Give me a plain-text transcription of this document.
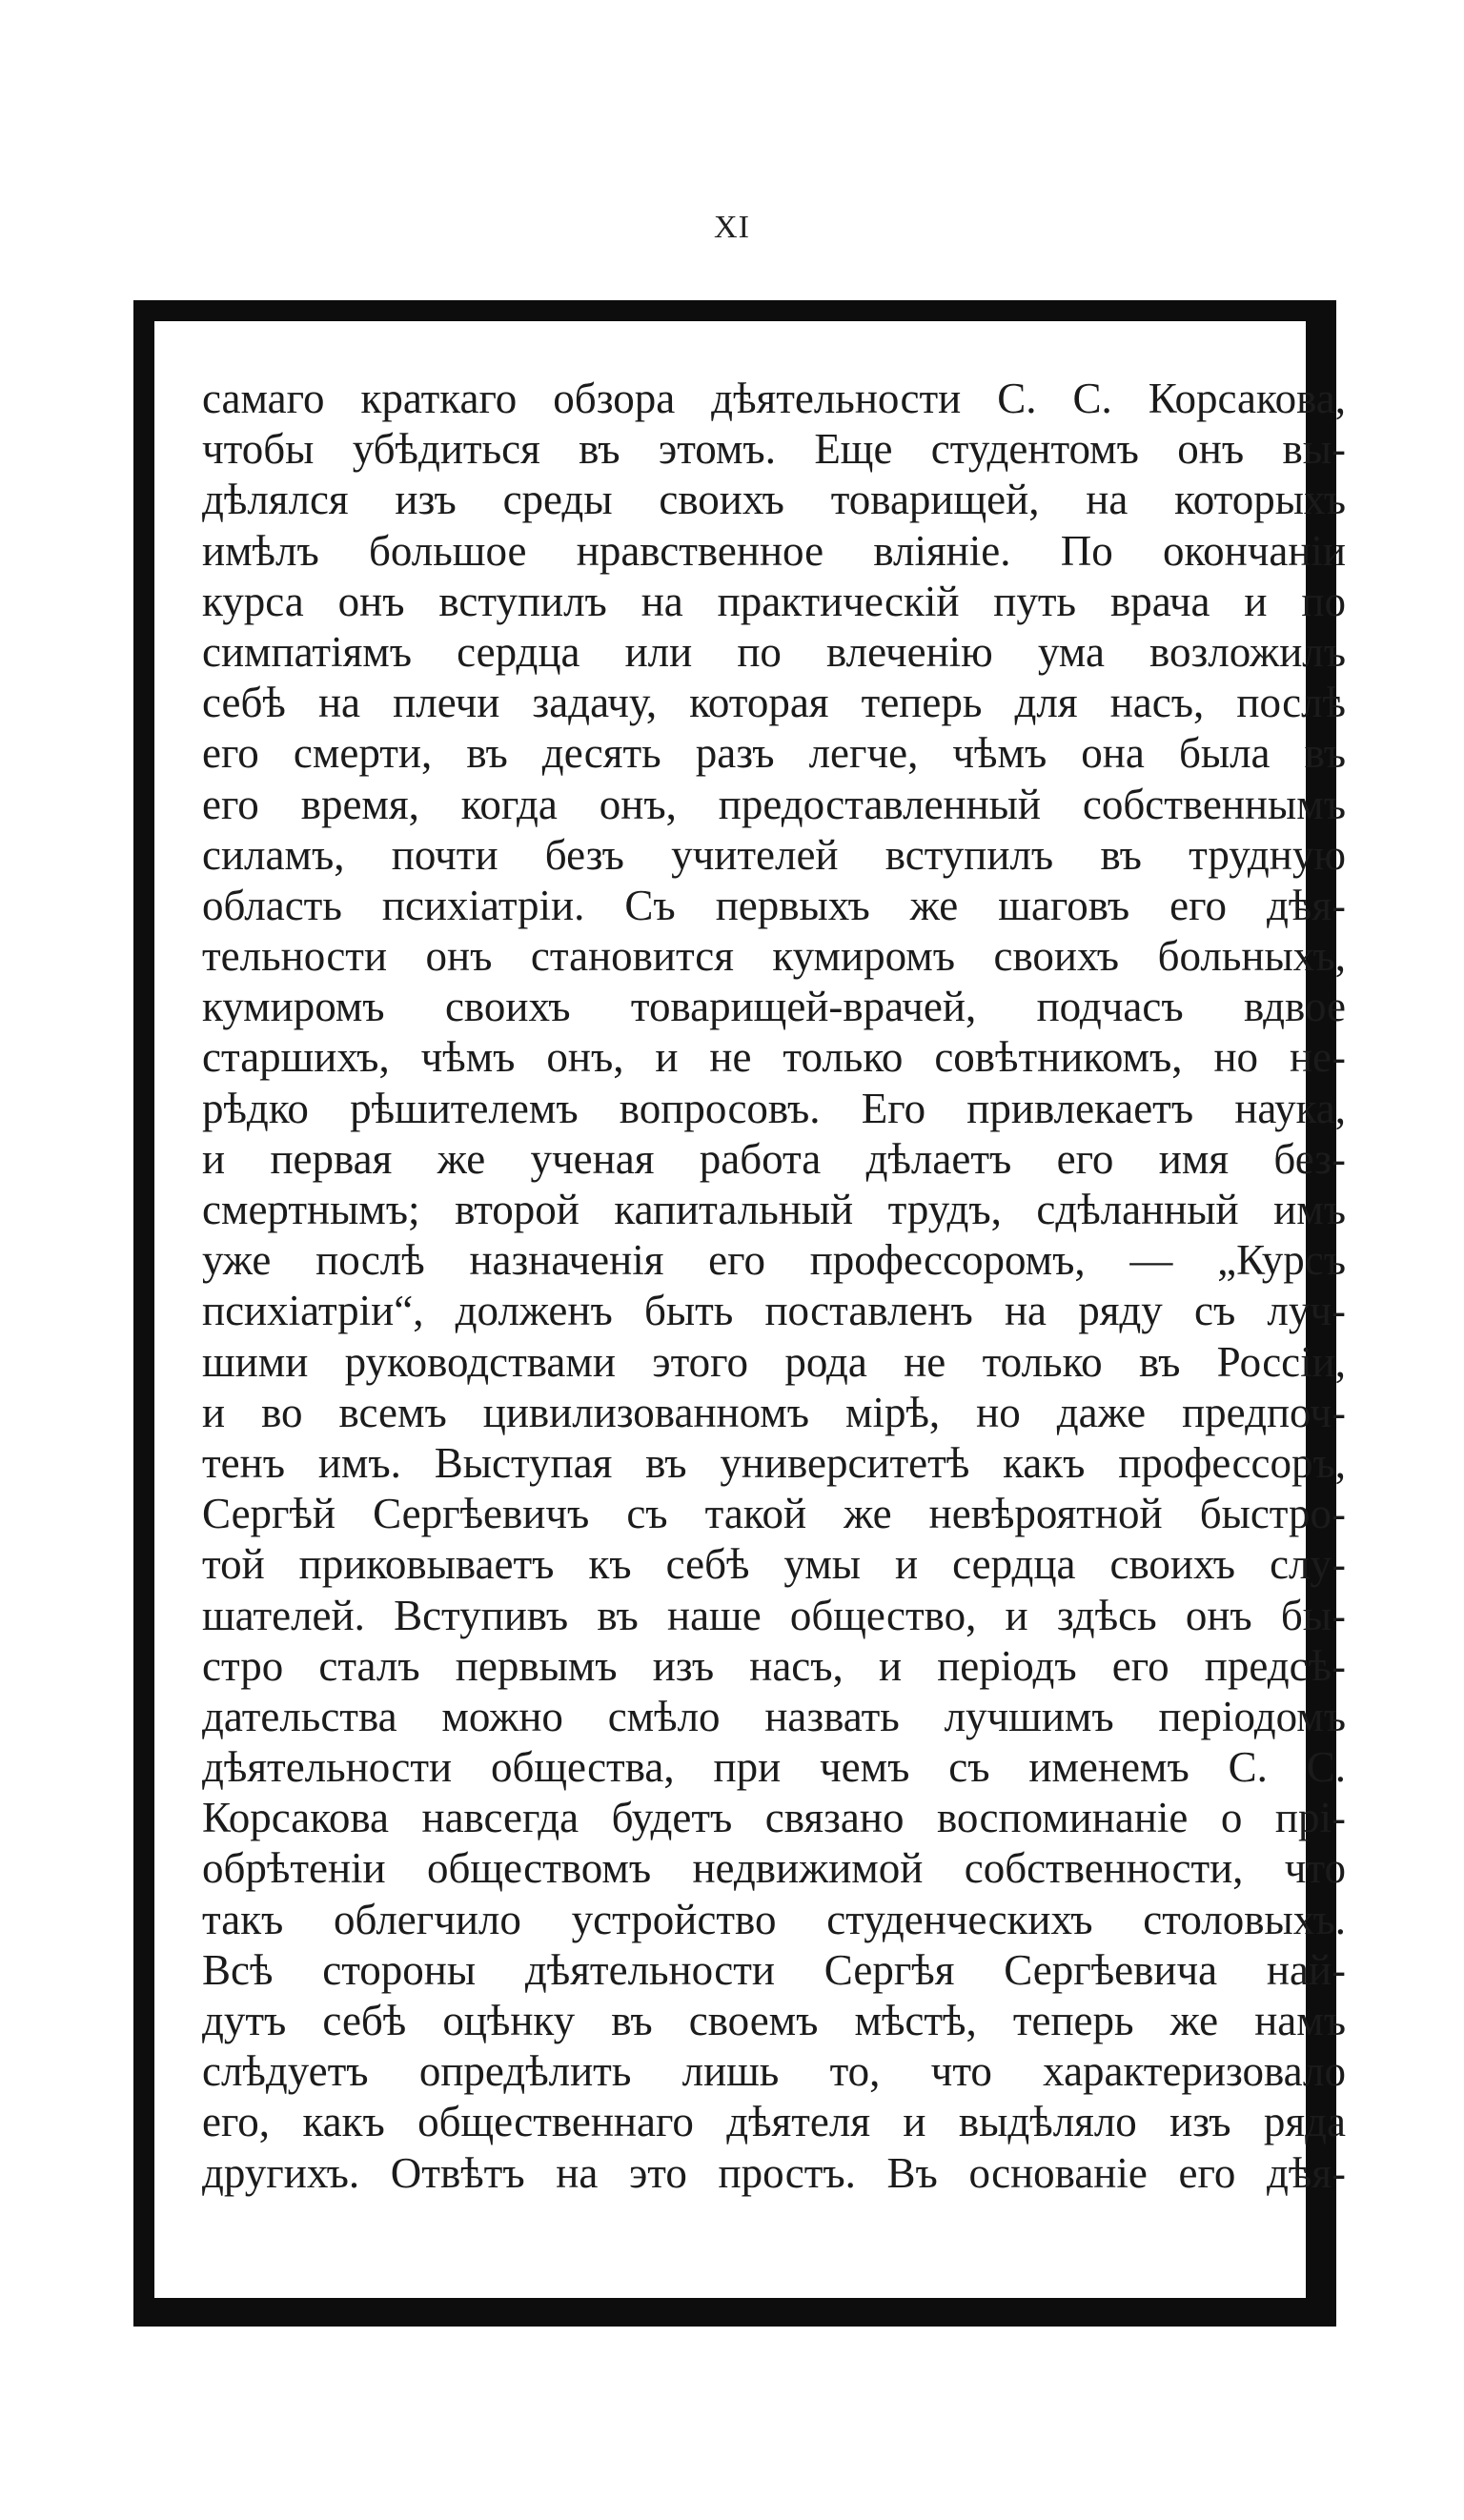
XI
самаго краткаго обзора дѣятельности С. С. Корсакова,
чтобы убѣдиться въ этомъ. Еще студентомъ онъ вы-
дѣлялся изъ среды своихъ товарищей, на которыхъ
имѣлъ большое нравственное вліяніе. По окончаніи
курса онъ вступилъ на практическій путь врача и по
симпатіямъ сердца или по влеченію ума возложилъ
себѣ на плечи задачу, которая теперь для насъ, послѣ
его смерти, въ десять разъ легче, чѣмъ она была въ
его время, когда онъ, предоставленный собственнымъ
силамъ, почти безъ учителей вступилъ въ трудную
область психіатріи. Съ первыхъ же шаговъ его дѣя-
тельности онъ становится кумиромъ своихъ больныхъ,
кумиромъ своихъ товарищей-врачей, подчасъ вдвое
старшихъ, чѣмъ онъ, и не только совѣтникомъ, но не-
рѣдко рѣшителемъ вопросовъ. Его привлекаетъ наука,
и первая же ученая работа дѣлаетъ его имя без-
смертнымъ; второй капитальный трудъ, сдѣланный имъ
уже послѣ назначенія его профессоромъ, — „Курсъ
психіатріи“, долженъ быть поставленъ на ряду съ луч-
шими руководствами этого рода не только въ Россіи,
и во всемъ цивилизованномъ мірѣ, но даже предпоч-
тенъ имъ. Выступая въ университетѣ какъ профессоръ,
Сергѣй Сергѣевичъ съ такой же невѣроятной быстро-
той приковываетъ къ себѣ умы и сердца своихъ слу-
шателей. Вступивъ въ наше общество, и здѣсь онъ бы-
стро сталъ первымъ изъ насъ, и періодъ его предсѣ-
дательства можно смѣло назвать лучшимъ періодомъ
дѣятельности общества, при чемъ съ именемъ С. С.
Корсакова навсегда будетъ связано воспоминаніе о прі-
обрѣтеніи обществомъ недвижимой собственности, что
такъ облегчило устройство студенческихъ столовыхъ.
Всѣ стороны дѣятельности Сергѣя Сергѣевича най-
дутъ себѣ оцѣнку въ своемъ мѣстѣ, теперь же намъ
слѣдуетъ опредѣлить лишь то, что характеризовало
его, какъ общественнаго дѣятеля и выдѣляло изъ ряда
другихъ. Отвѣтъ на это простъ. Въ основаніе его дѣя-
